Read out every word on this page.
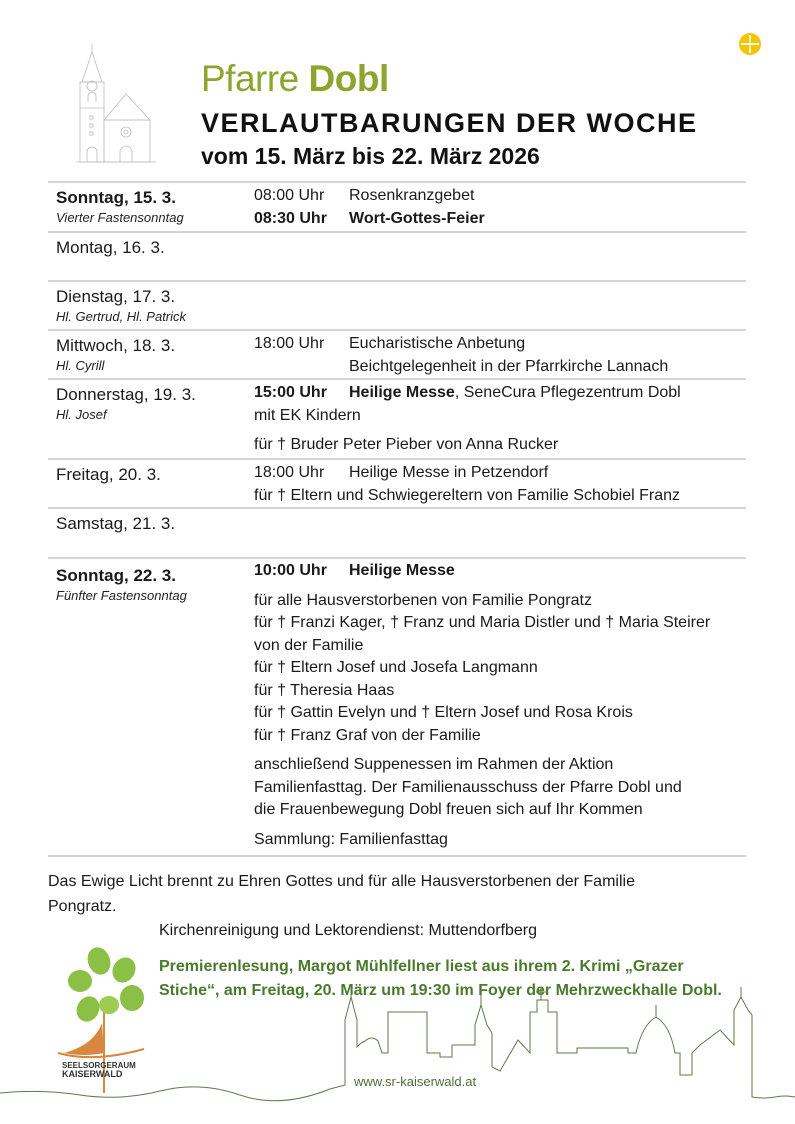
Pfarre Dobl
VERLAUTBARUNGEN DER WOCHE
vom 15. März bis 22. März 2026
Sonntag, 15. 3.
Vierter Fastensonntag
08:00 Uhr Rosenkranzgebet
08:30 Uhr Wort-Gottes-Feier
Montag, 16. 3.
Dienstag, 17. 3.
Hl. Gertrud, Hl. Patrick
Mittwoch, 18. 3.
Hl. Cyrill
18:00 Uhr Eucharistische Anbetung
Beichtgelegenheit in der Pfarrkirche Lannach
Donnerstag, 19. 3.
Hl. Josef
15:00 Uhr Heilige Messe, SeneCura Pflegezentrum Dobl
mit EK Kindern
für † Bruder Peter Pieber von Anna Rucker
Freitag, 20. 3.	18:00 Uhr Heilige Messe in Petzendorf
für † Eltern und Schwiegereltern von Familie Schobiel Franz
Samstag, 21. 3.
Sonntag, 22. 3.
Fünfter Fastensonntag
10:00 Uhr Heilige Messe
für alle Hausverstorbenen von Familie Pongratz
für † Franzi Kager, † Franz und Maria Distler und † Maria Steirer
von der Familie
für † Eltern Josef und Josefa Langmann
für † Theresia Haas
für † Gattin Evelyn und † Eltern Josef und Rosa Krois
für † Franz Graf von der Familie
anschließend Suppenessen im Rahmen der Aktion
Familienfasttag. Der Familienausschuss der Pfarre Dobl und
die Frauenbewegung Dobl freuen sich auf Ihr Kommen
Sammlung: Familienfasttag
Das Ewige Licht brennt zu Ehren Gottes und für alle Hausverstorbenen der Familie
Pongratz.
Kirchenreinigung und Lektorendienst: Muttendorfberg
Premierenlesung, Margot Mühlfellner liest aus ihrem 2. Krimi „Grazer
Stiche“, am Freitag, 20. März um 19:30 im Foyer der Mehrzweckhalle Dobl.
SEELSORGERAUM
KAISERWALD	www.sr-kaiserwald.at
